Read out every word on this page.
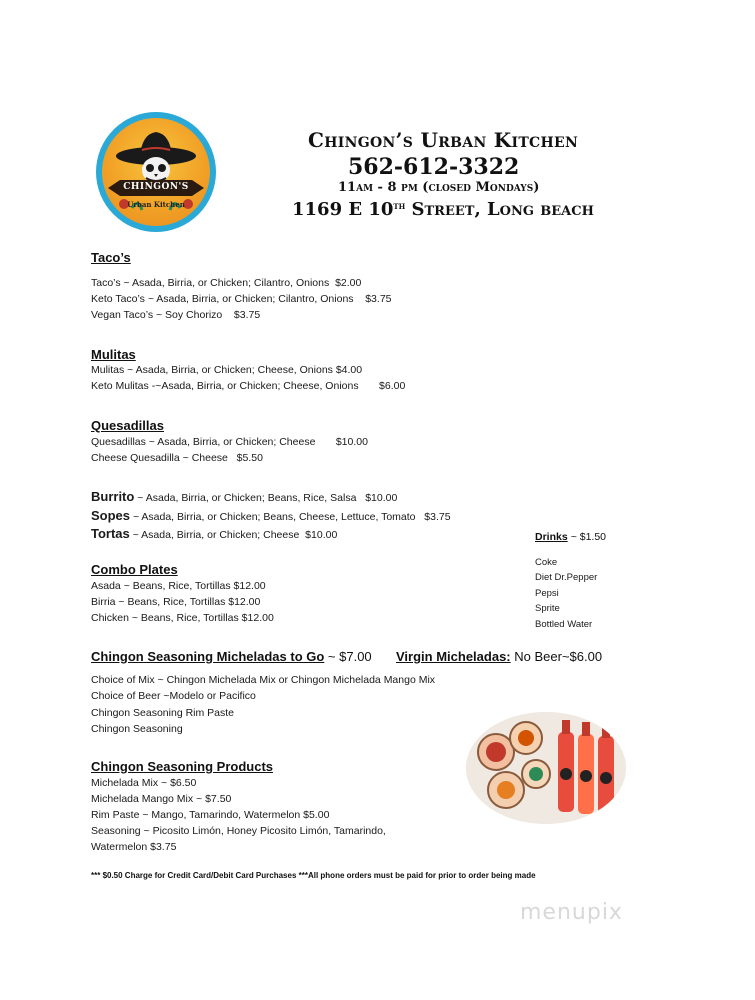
CHINGON'S
Urban Kitchen
Chingon’s Urban Kitchen
562-612-3322
11am - 8 pm (closed Mondays)
1169 E 10th Street, Long beach
Taco’s
Taco’s ~ Asada, Birria, or Chicken; Cilantro, Onions $2.00
Keto Taco’s ~ Asada, Birria, or Chicken; Cilantro, Onions $3.75
Vegan Taco’s ~ Soy Chorizo $3.75
Mulitas
Mulitas ~ Asada, Birria, or Chicken; Cheese, Onions $4.00
Keto Mulitas -~Asada, Birria, or Chicken; Cheese, Onions $6.00
Quesadillas
Quesadillas ~ Asada, Birria, or Chicken; Cheese $10.00
Cheese Quesadilla ~ Cheese $5.50
Burrito ~ Asada, Birria, or Chicken; Beans, Rice, Salsa $10.00
Sopes ~ Asada, Birria, or Chicken; Beans, Cheese, Lettuce, Tomato $3.75
Tortas ~ Asada, Birria, or Chicken; Cheese $10.00	Drinks ~ $1.50
Coke
Diet Dr.Pepper
Pepsi
Sprite
Bottled Water
Combo Plates
Asada ~ Beans, Rice, Tortillas $12.00
Birria ~ Beans, Rice, Tortillas $12.00
Chicken ~ Beans, Rice, Tortillas $12.00
Chingon Seasoning Micheladas to Go ~ $7.00 Virgin Micheladas: No Beer~$6.00
Choice of Mix ~ Chingon Michelada Mix or Chingon Michelada Mango Mix
Choice of Beer ~Modelo or Pacifico
Chingon Seasoning Rim Paste
Chingon Seasoning
Chingon Seasoning Products
Michelada Mix ~ $6.50
Michelada Mango Mix ~ $7.50
Rim Paste ~ Mango, Tamarindo, Watermelon $5.00
Seasoning ~ Picosito Limón, Honey Picosito Limón, Tamarindo,
Watermelon $3.75
*** $0.50 Charge for Credit Card/Debit Card Purchases ***All phone orders must be paid for prior to order being made
menupix
